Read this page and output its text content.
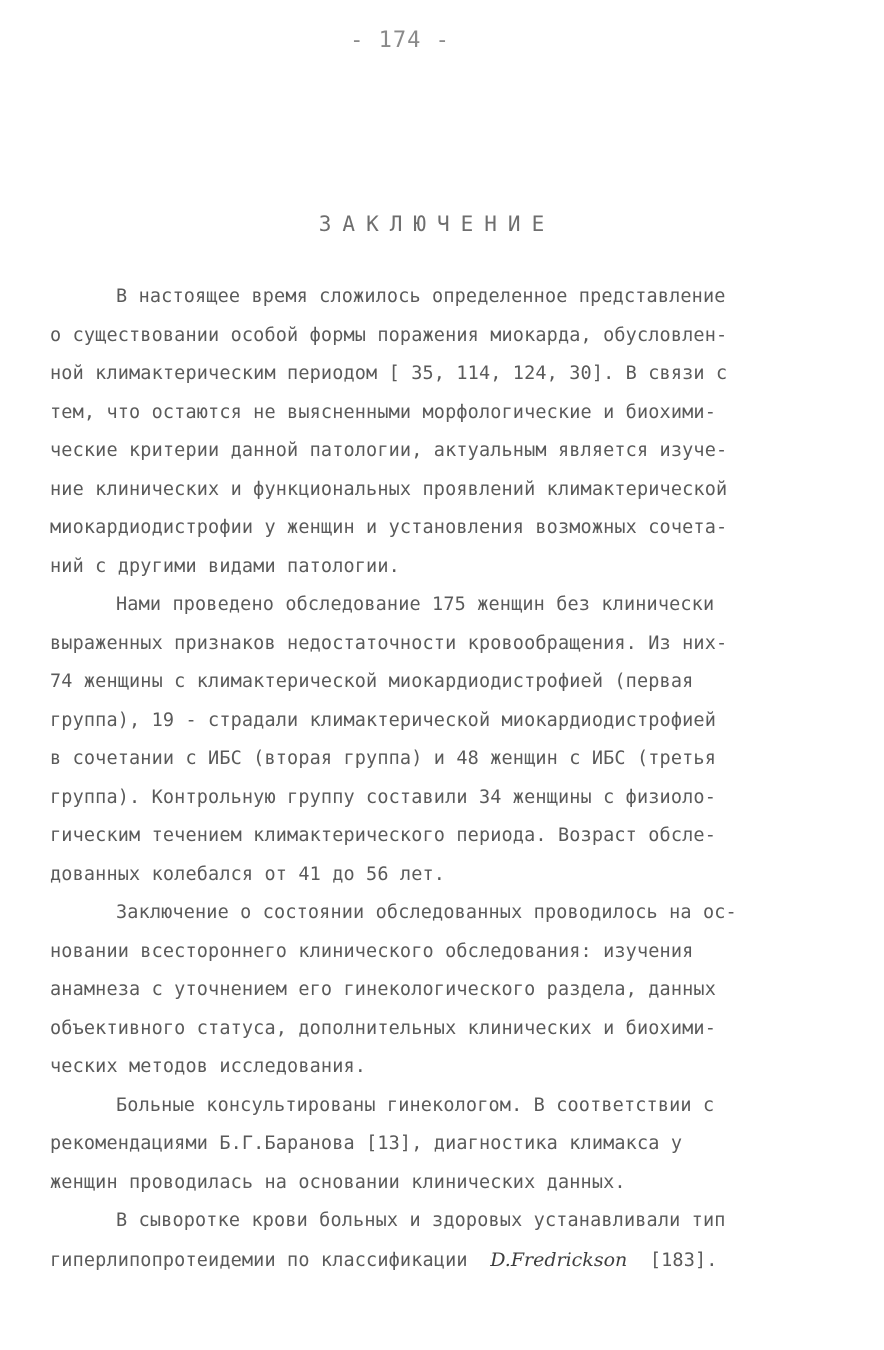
- 174 -
ЗАКЛЮЧЕНИЕ
В настоящее время сложилось определенное представление
о существовании особой формы поражения миокарда, обусловлен-
ной климактерическим периодом [ 35, 114, 124, 30]. В связи с
тем, что остаются не выясненными морфологические и биохими-
ческие критерии данной патологии, актуальным является изуче-
ние клинических и функциональных проявлений климактерической
миокардиодистрофии у женщин и установления возможных сочета-
ний с другими видами патологии.
Нами проведено обследование 175 женщин без клинически
выраженных признаков недостаточности кровообращения. Из них-
74 женщины с климактерической миокардиодистрофией (первая
группа), 19 - страдали климактерической миокардиодистрофией
в сочетании с ИБС (вторая группа) и 48 женщин с ИБС (третья
группа). Контрольную группу составили 34 женщины с физиоло-
гическим течением климактерического периода. Возраст обсле-
дованных колебался от 41 до 56 лет.
Заключение о состоянии обследованных проводилось на ос-
новании всестороннего клинического обследования: изучения
анамнеза с уточнением его гинекологического раздела, данных
объективного статуса, дополнительных клинических и биохими-
ческих методов исследования.
Больные консультированы гинекологом. В соответствии с
рекомендациями Б.Г.Баранова [13], диагностика климакса у
женщин проводилась на основании клинических данных.
В сыворотке крови больных и здоровых устанавливали тип
гиперлипопротеидемии по классификации  D.Fredrickson  [183].
